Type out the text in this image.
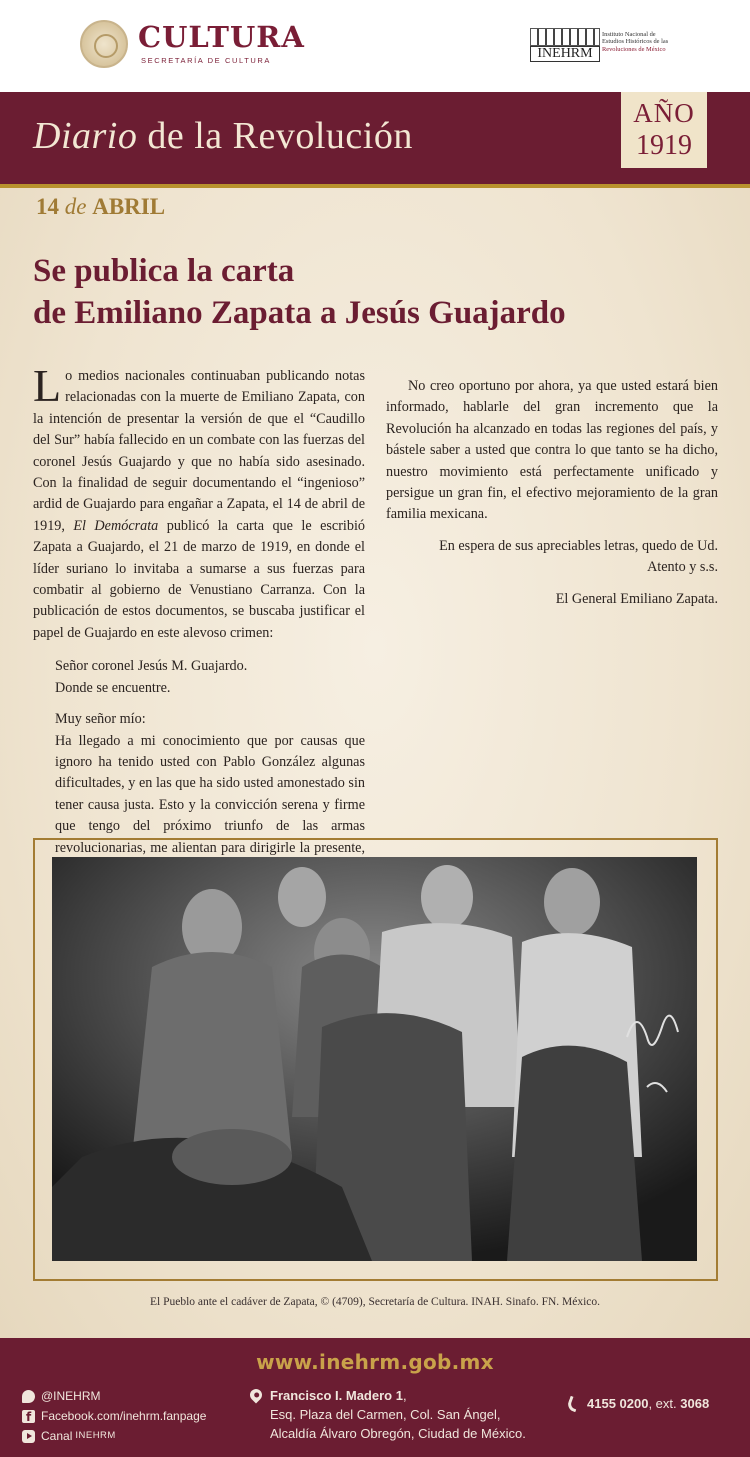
CULTURA
SECRETARÍA DE CULTURA	INEHRM
Instituto Nacional de
Estudios Históricos de las
Revoluciones de México
Diario de la Revolución
AÑO
1919
14 de ABRIL
Se publica la carta
de Emiliano Zapata a Jesús Guajardo

Lo medios nacionales continuaban publicando notas relacionadas con la muerte de Emiliano Zapata, con la intención de presentar la versión de que el “Caudillo del Sur” había fallecido en un combate con las fuerzas del coronel Jesús Guajardo y que no había sido asesinado. Con la finalidad de seguir documentando el “ingenioso” ardid de Guajardo para engañar a Zapata, el 14 de abril de 1919, El Demócrata publicó la carta que le escribió Zapata a Guajardo, el 21 de marzo de 1919, en donde el líder suriano lo invitaba a sumarse a sus fuerzas para combatir al gobierno de Venustiano Carranza. Con la publicación de estos documentos, se buscaba justificar el papel de Guajardo en este alevoso crimen:

Señor coronel Jesús M. Guajardo.
Donde se encuentre.
Muy señor mío:

Ha llegado a mi conocimiento que por causas que ignoro ha tenido usted con Pablo González algunas dificultades, y en las que ha sido usted amonestado sin tener causa justa. Esto y la convicción serena y firme que tengo del próximo triunfo de las armas revolucionarias, me alientan para dirigirle la presente,

No creo oportuno por ahora, ya que usted estará bien informado, hablarle del gran incremento que la Revolución ha alcanzado en todas las regiones del país, y bástele saber a usted que contra lo que tanto se ha dicho, nuestro movimiento está perfectamente unificado y persigue un gran fin, el efectivo mejoramiento de la gran familia mexicana.

En espera de sus apreciables letras, quedo de Ud.

Atento y s.s.

El General Emiliano Zapata.

El Pueblo ante el cadáver de Zapata, © (4709), Secretaría de Cultura. INAH. Sinafo. FN. México.
www.inehrm.gob.mx
@INEHRM
f
Facebook.com/inehrm.fanpage
Canal INEHRM
Francisco I. Madero 1,
Esq. Plaza del Carmen, Col. San Ángel,
Alcaldía Álvaro Obregón, Ciudad de México.
4155 0200, ext. 3068
